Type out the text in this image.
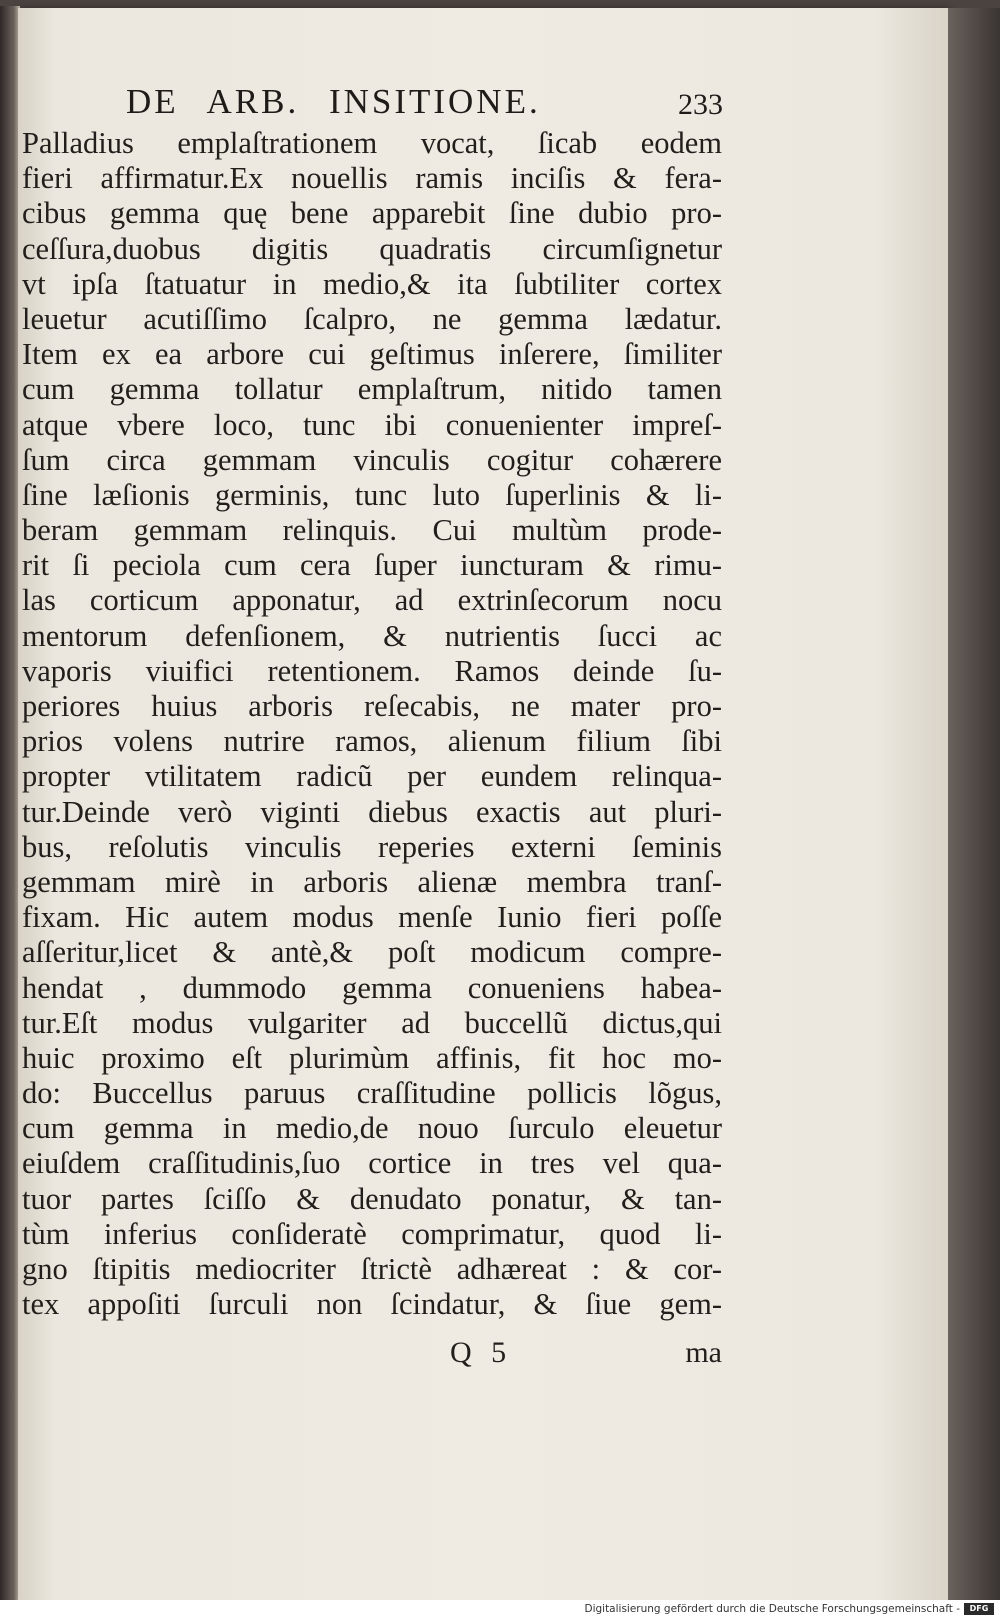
DE ARB. INSITIONE.	233
Palladius emplaſtrationem vocat, ſicab eodem
fieri affirmatur.Ex nouellis ramis inciſis & fera-
cibus gemma quę bene apparebit ſine dubio pro-
ceſſura,duobus digitis quadratis circumſignetur
vt ipſa ſtatuatur in medio,& ita ſubtiliter cortex
leuetur acutiſſimo ſcalpro, ne gemma lædatur.
Item ex ea arbore cui geſtimus inſerere, ſimiliter
cum gemma tollatur emplaſtrum, nitido tamen
atque vbere loco, tunc ibi conuenienter impreſ-
ſum circa gemmam vinculis cogitur cohærere
ſine læſionis germinis, tunc luto ſuperlinis & li-
beram gemmam relinquis. Cui multùm prode-
rit ſi peciola cum cera ſuper iuncturam & rimu-
las corticum apponatur, ad extrinſecorum nocu
mentorum defenſionem, & nutrientis ſucci ac
vaporis viuifici retentionem. Ramos deinde ſu-
periores huius arboris reſecabis, ne mater pro-
prios volens nutrire ramos, alienum filium ſibi
propter vtilitatem radicũ per eundem relinqua-
tur.Deinde verò viginti diebus exactis aut pluri-
bus, reſolutis vinculis reperies externi ſeminis
gemmam mirè in arboris alienæ membra tranſ-
fixam. Hic autem modus menſe Iunio fieri poſſe
aſſeritur,licet & antè,& poſt modicum compre-
hendat , dummodo gemma conueniens habea-
tur.Eſt modus vulgariter ad buccellũ dictus,qui
huic proximo eſt plurimùm affinis, fit hoc mo-
do: Buccellus paruus craſſitudine pollicis lõgus,
cum gemma in medio,de nouo ſurculo eleuetur
eiuſdem craſſitudinis,ſuo cortice in tres vel qua-
tuor partes ſciſſo & denudato ponatur, & tan-
tùm inferius conſideratè comprimatur, quod li-
gno ſtipitis mediocriter ſtrictè adhæreat : & cor-
tex appoſiti ſurculi non ſcindatur, & ſiue gem-
Q 5	ma
Digitalisierung gefördert durch die Deutsche Forschungsgemeinschaft -	DFG
